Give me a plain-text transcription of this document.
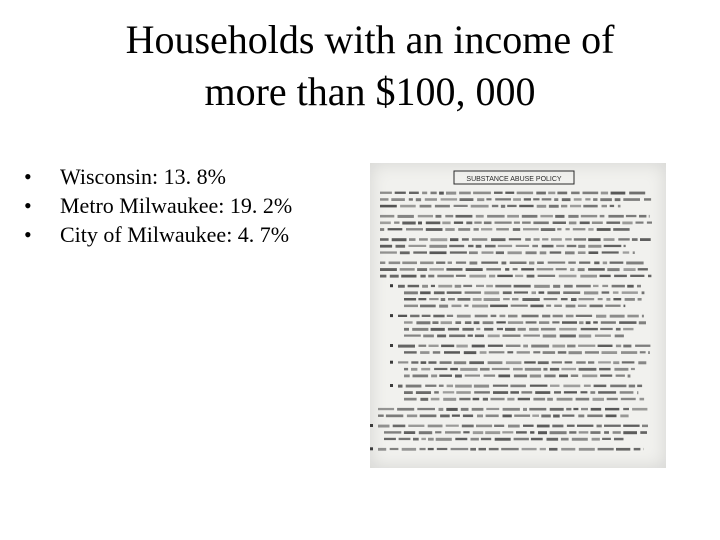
Households with an income of
more than $100, 000
• Wisconsin: 13. 8%
• Metro Milwaukee: 19. 2%
• City of Milwaukee: 4. 7%
SUBSTANCE ABUSE POLICY
